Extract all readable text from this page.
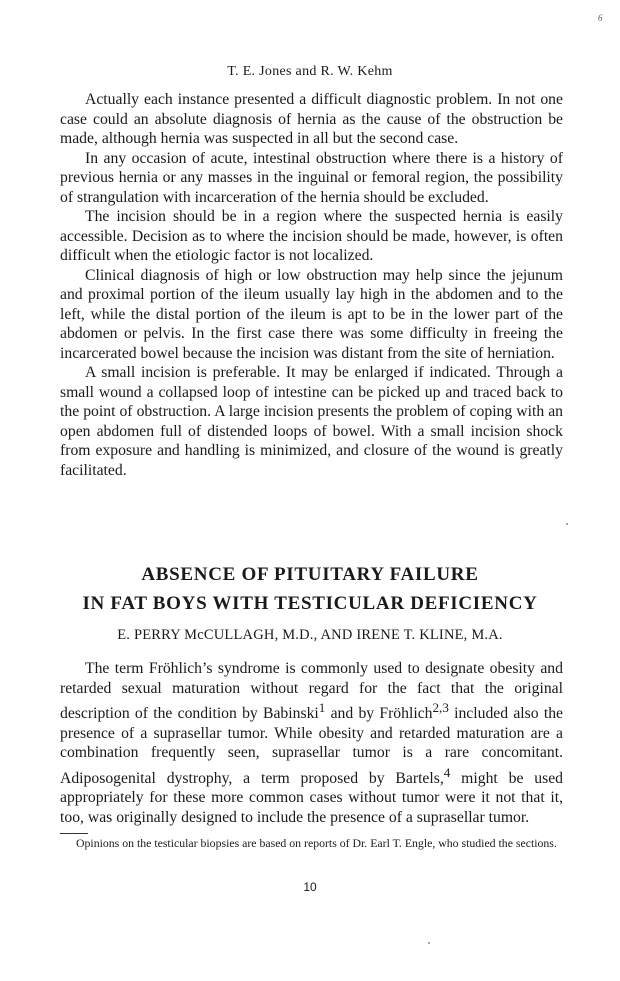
6
T. E. Jones and R. W. Kehm

Actually each instance presented a difficult diagnostic problem. In not one case could an absolute diagnosis of hernia as the cause of the obstruction be made, although hernia was suspected in all but the second case.

In any occasion of acute, intestinal obstruction where there is a history of previous hernia or any masses in the inguinal or femoral region, the possibility of strangulation with incarceration of the hernia should be excluded.

The incision should be in a region where the suspected hernia is easily accessible. Decision as to where the incision should be made, however, is often difficult when the etiologic factor is not localized.

Clinical diagnosis of high or low obstruction may help since the jejunum and proximal portion of the ileum usually lay high in the abdomen and to the left, while the distal portion of the ileum is apt to be in the lower part of the abdomen or pelvis. In the first case there was some difficulty in freeing the incarcerated bowel because the incision was distant from the site of herniation.

A small incision is preferable. It may be enlarged if indicated. Through a small wound a collapsed loop of intestine can be picked up and traced back to the point of obstruction. A large incision presents the problem of coping with an open abdomen full of distended loops of bowel. With a small incision shock from exposure and handling is minimized, and closure of the wound is greatly facilitated.

ABSENCE OF PITUITARY FAILURE
IN FAT BOYS WITH TESTICULAR DEFICIENCY
E. PERRY McCULLAGH, M.D., AND IRENE T. KLINE, M.A.

The term Fröhlich’s syndrome is commonly used to designate obesity and retarded sexual maturation without regard for the fact that the original description of the condition by Babinski$^1$ and by Fröhlich$^{2,3}$ included also the presence of a suprasellar tumor. While obesity and retarded maturation are a combination frequently seen, suprasellar tumor is a rare concomitant. Adiposogenital dystrophy, a term proposed by Bartels,$^4$ might be used appropriately for these more common cases without tumor were it not that it, too, was originally designed to include the presence of a suprasellar tumor.

Opinions on the testicular biopsies are based on reports of Dr. Earl T. Engle, who studied the sections.

10
